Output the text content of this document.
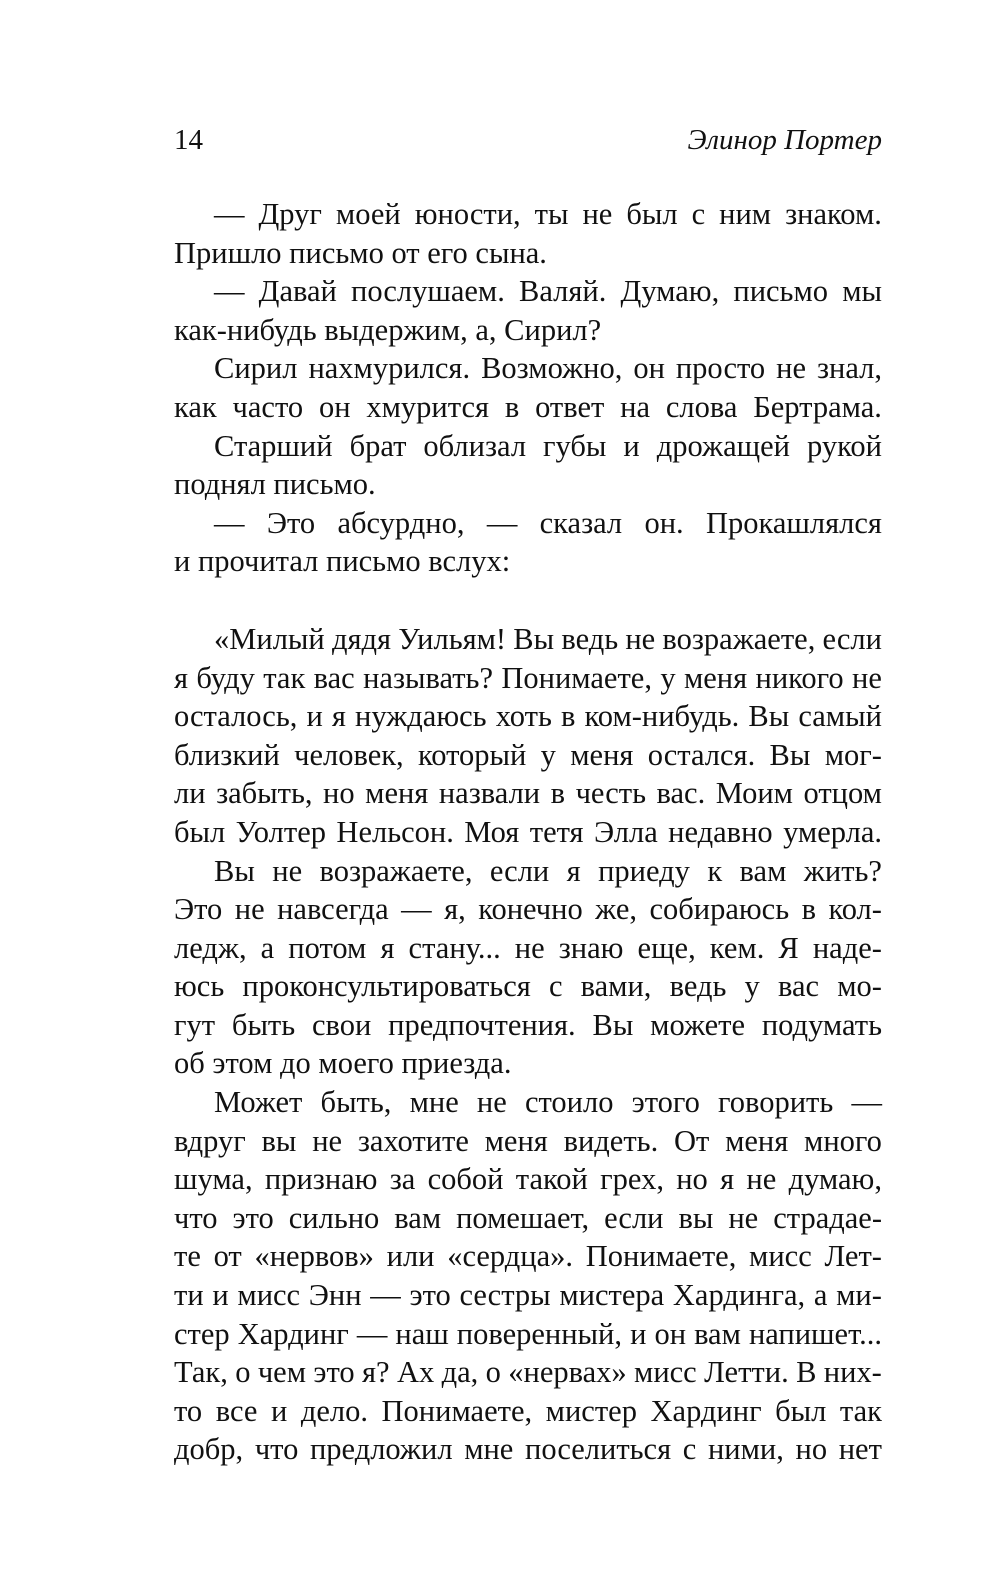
14	Элинор Портер
— Друг моей юности, ты не был с ним знаком.
Пришло письмо от его сына.
— Давай послушаем. Валяй. Думаю, письмо мы
как-нибудь выдержим, а, Сирил?
Сирил нахмурился. Возможно, он просто не знал,
как часто он хмурится в ответ на слова Бертрама.
Старший брат облизал губы и дрожащей рукой
поднял письмо.
— Это абсурдно, — сказал он. Прокашлялся
и прочитал письмо вслух:
«Милый дядя Уильям! Вы ведь не возражаете, если
я буду так вас называть? Понимаете, у меня никого не
осталось, и я нуждаюсь хоть в ком-нибудь. Вы самый
близкий человек, который у меня остался. Вы мог-
ли забыть, но меня назвали в честь вас. Моим отцом
был Уолтер Нельсон. Моя тетя Элла недавно умерла.
Вы не возражаете, если я приеду к вам жить?
Это не навсегда — я, конечно же, собираюсь в кол-
ледж, а потом я стану... не знаю еще, кем. Я наде-
юсь проконсультироваться с вами, ведь у вас мо-
гут быть свои предпочтения. Вы можете подумать
об этом до моего приезда.
Может быть, мне не стоило этого говорить —
вдруг вы не захотите меня видеть. От меня много
шума, признаю за собой такой грех, но я не думаю,
что это сильно вам помешает, если вы не страдае-
те от «нервов» или «сердца». Понимаете, мисс Лет-
ти и мисс Энн — это сестры мистера Хардинга, а ми-
стер Хардинг — наш поверенный, и он вам напишет...
Так, о чем это я? Ах да, о «нервах» мисс Летти. В них-
то все и дело. Понимаете, мистер Хардинг был так
добр, что предложил мне поселиться с ними, но нет
